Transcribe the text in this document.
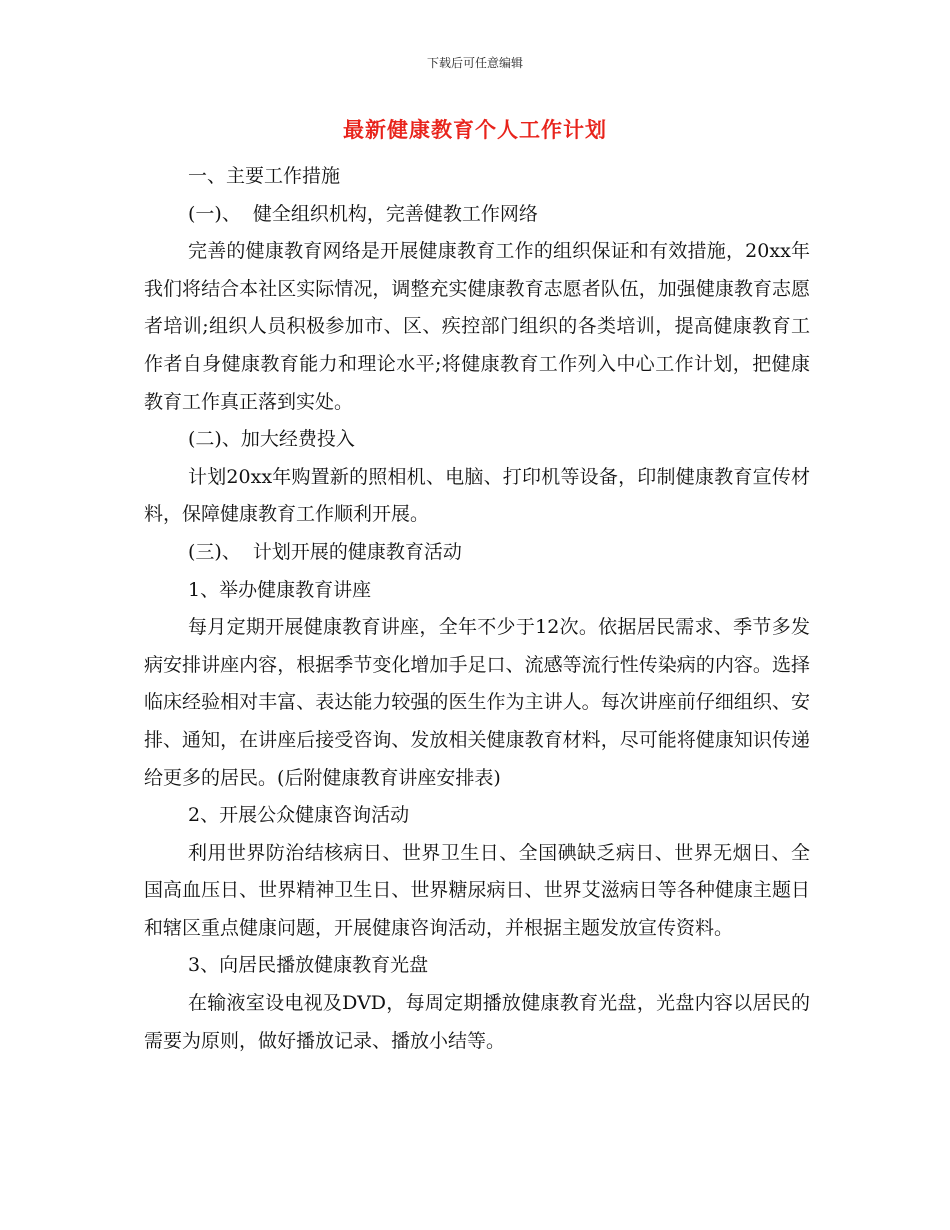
下载后可任意编辑
最新健康教育个人工作计划

一、主要工作措施

(一)、  健全组织机构，完善健教工作网络

完善的健康教育网络是开展健康教育工作的组织保证和有效措施，20xx年我们将结合本社区实际情况，调整充实健康教育志愿者队伍，加强健康教育志愿者培训;组织人员积极参加市、区、疾控部门组织的各类培训，提高健康教育工作者自身健康教育能力和理论水平;将健康教育工作列入中心工作计划，把健康教育工作真正落到实处。

(二)、加大经费投入

计划20xx年购置新的照相机、电脑、打印机等设备，印制健康教育宣传材料，保障健康教育工作顺利开展。

(三)、  计划开展的健康教育活动

1、举办健康教育讲座

每月定期开展健康教育讲座，全年不少于12次。依据居民需求、季节多发病安排讲座内容，根据季节变化增加手足口、流感等流行性传染病的内容。选择临床经验相对丰富、表达能力较强的医生作为主讲人。每次讲座前仔细组织、安排、通知，在讲座后接受咨询、发放相关健康教育材料，尽可能将健康知识传递给更多的居民。(后附健康教育讲座安排表)

2、开展公众健康咨询活动

利用世界防治结核病日、世界卫生日、全国碘缺乏病日、世界无烟日、全国高血压日、世界精神卫生日、世界糖尿病日、世界艾滋病日等各种健康主题日和辖区重点健康问题，开展健康咨询活动，并根据主题发放宣传资料。

3、向居民播放健康教育光盘

在输液室设电视及DVD，每周定期播放健康教育光盘，光盘内容以居民的需要为原则，做好播放记录、播放小结等。
